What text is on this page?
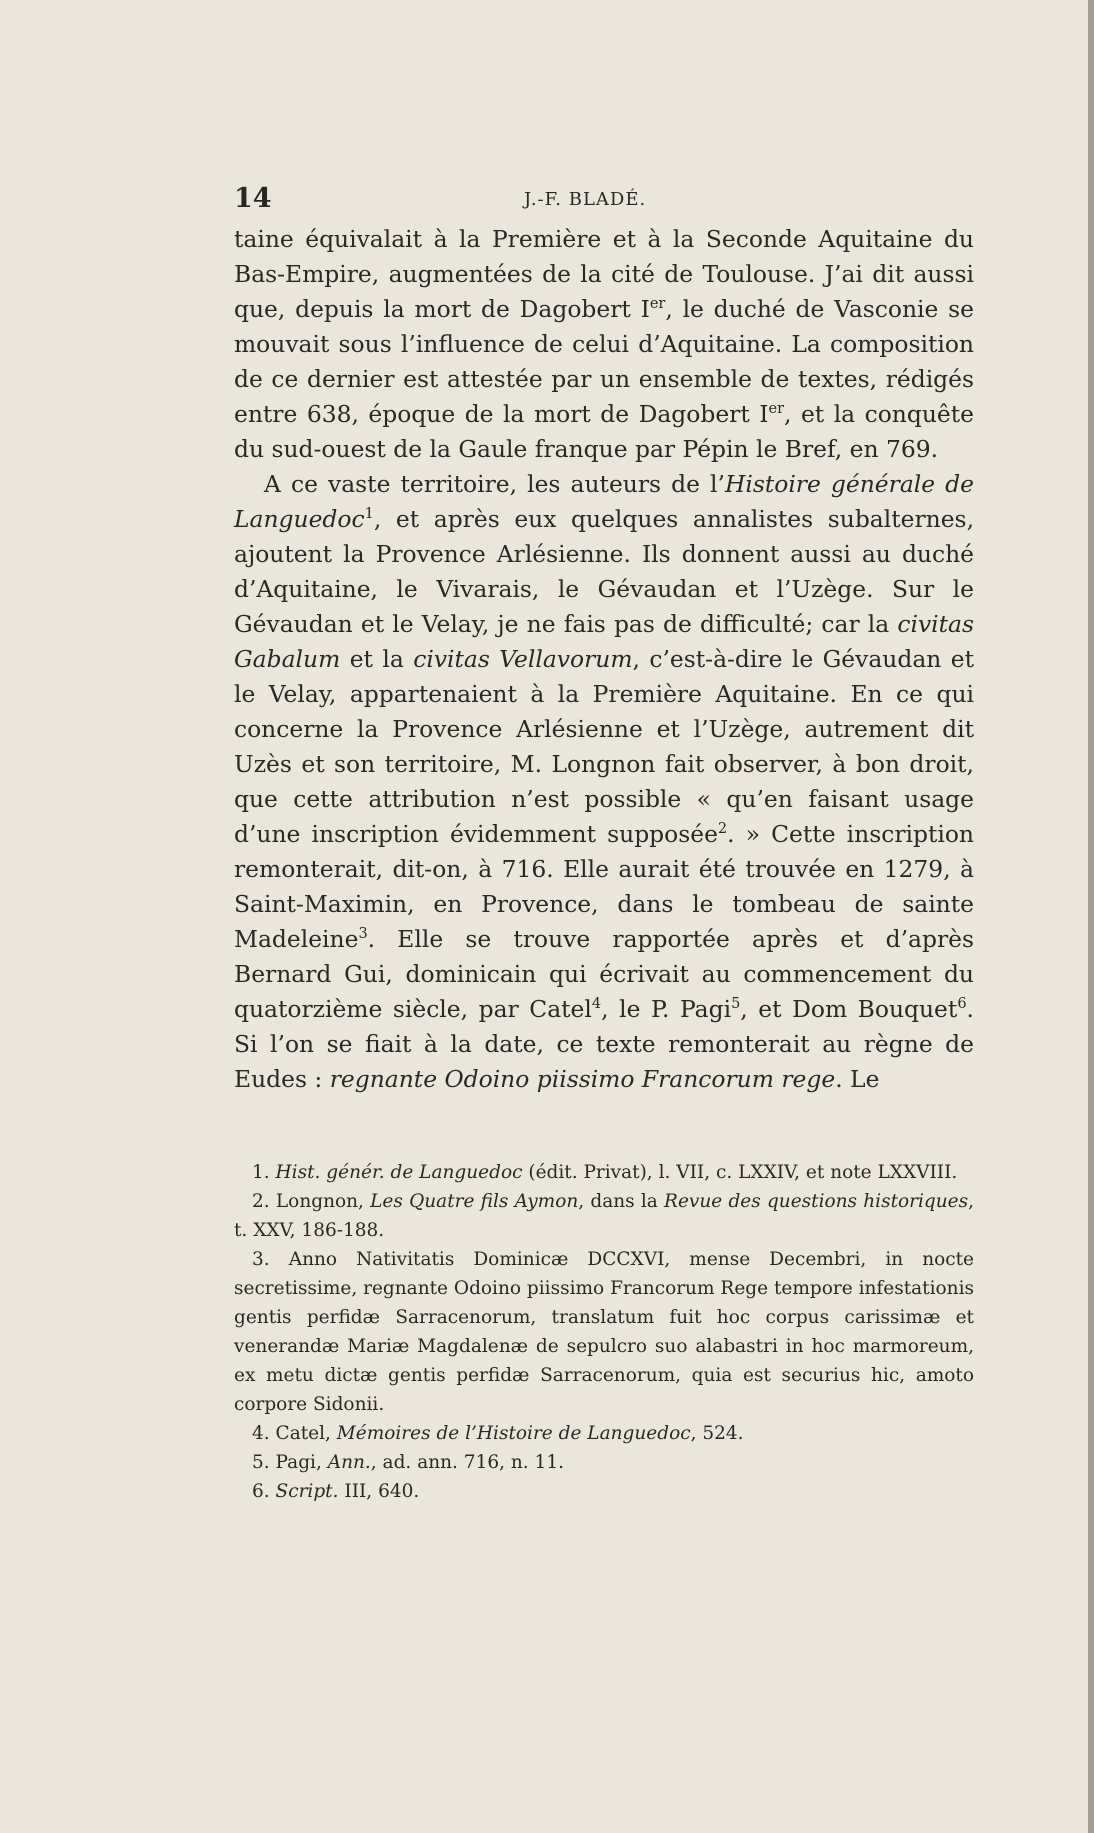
14	J.-F. BLADÉ.

taine équivalait à la Première et à la Seconde Aquitaine du Bas-Empire, augmentées de la cité de Toulouse. J’ai dit aussi que, depuis la mort de Dagobert Ier, le duché de Vasconie se mouvait sous l’influence de celui d’Aquitaine. La composition de ce dernier est attestée par un ensemble de textes, rédigés entre 638, époque de la mort de Dagobert Ier, et la conquête du sud-ouest de la Gaule franque par Pépin le Bref, en 769.

A ce vaste territoire, les auteurs de l’Histoire générale de Languedoc$^1$, et après eux quelques annalistes subalternes, ajoutent la Provence Arlésienne. Ils donnent aussi au duché d’Aquitaine, le Vivarais, le Gévaudan et l’Uzège. Sur le Gévaudan et le Velay, je ne fais pas de difficulté; car la civitas Gabalum et la civitas Vellavorum, c’est-à-dire le Gévaudan et le Velay, appartenaient à la Première Aquitaine. En ce qui concerne la Provence Arlésienne et l’Uzège, autrement dit Uzès et son territoire, M. Longnon fait observer, à bon droit, que cette attribution n’est possible « qu’en faisant usage d’une inscription évidemment supposée$^2$. » Cette inscription remonterait, dit-on, à 716. Elle aurait été trouvée en 1279, à Saint-Maximin, en Provence, dans le tombeau de sainte Madeleine$^3$. Elle se trouve rapportée après et d’après Bernard Gui, dominicain qui écrivait au commencement du quatorzième siècle, par Catel$^4$, le P. Pagi$^5$, et Dom Bouquet$^6$. Si l’on se fiait à la date, ce texte remonterait au règne de Eudes : regnante Odoino piissimo Francorum rege. Le

1. Hist. génér. de Languedoc (édit. Privat), l. VII, c. LXXIV, et note LXXVIII.

2. Longnon, Les Quatre fils Aymon, dans la Revue des questions historiques, t. XXV, 186-188.

3. Anno Nativitatis Dominicæ DCCXVI, mense Decembri, in nocte secretissime, regnante Odoino piissimo Francorum Rege tempore infestationis gentis perfidæ Sarracenorum, translatum fuit hoc corpus carissimæ et venerandæ Mariæ Magdalenæ de sepulcro suo alabastri in hoc marmoreum, ex metu dictæ gentis perfidæ Sarracenorum, quia est securius hic, amoto corpore Sidonii.

4. Catel, Mémoires de l’Histoire de Languedoc, 524.

5. Pagi, Ann., ad. ann. 716, n. 11.

6. Script. III, 640.
